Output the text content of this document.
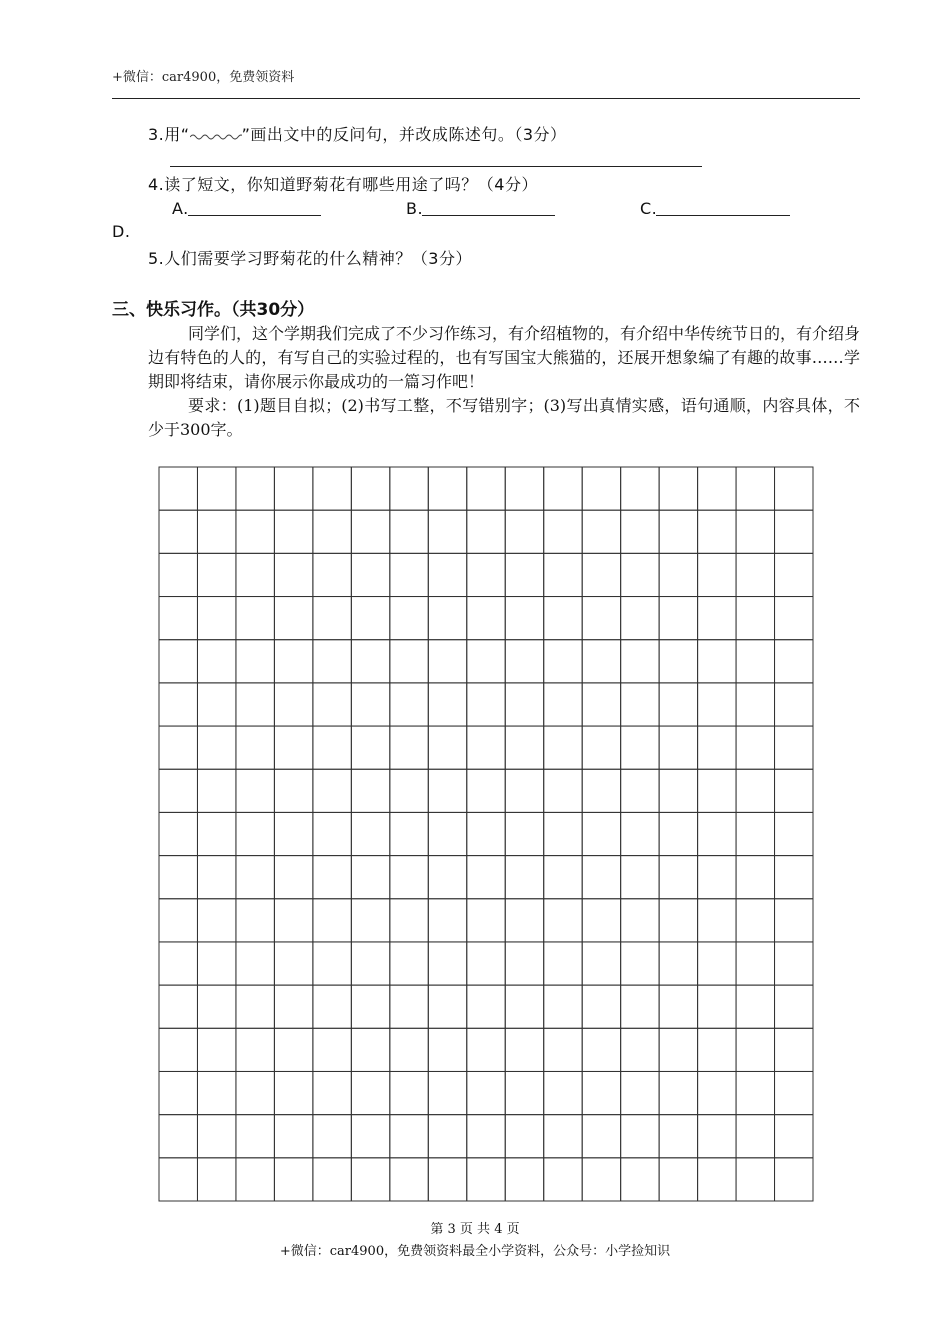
+微信：car4900，免费领资料
3.用“	”画出文中的反问句，并改成陈述句。（3分）
4.读了短文，你知道野菊花有哪些用途了吗？（4分）
A.	B.	C.
D.
5.人们需要学习野菊花的什么精神？（3分）
三、快乐习作。（共30分）
同学们，这个学期我们完成了不少习作练习，有介绍植物的，有介绍中华传统节日的，有介绍身边有特色的人的，有写自己的实验过程的，也有写国宝大熊猫的，还展开想象编了有趣的故事……学期即将结束，请你展示你最成功的一篇习作吧！
要求：(1)题目自拟；(2)书写工整，不写错别字；(3)写出真情实感，语句通顺，内容具体，不少于300字。
第 3 页 共 4 页
+微信：car4900，免费领资料最全小学资料，公众号：小学捡知识
